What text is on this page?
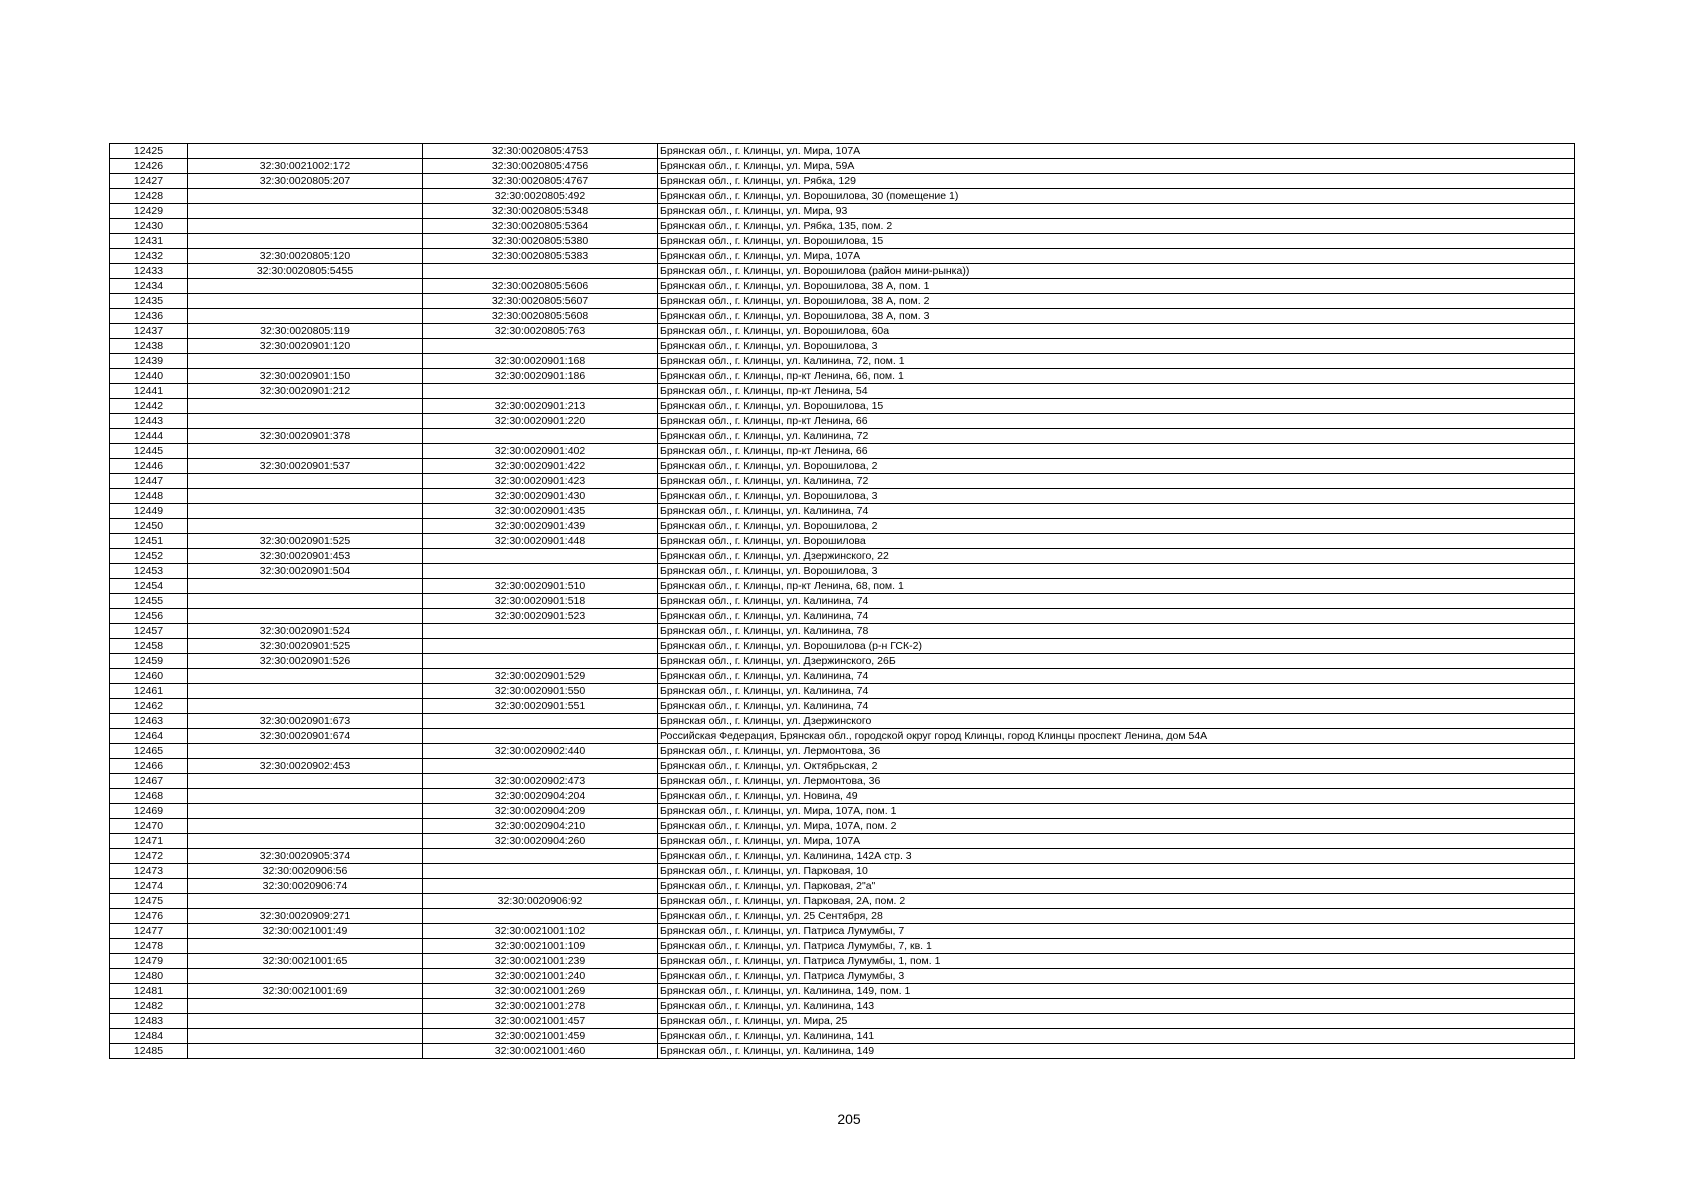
12425		32:30:0020805:4753	Брянская обл., г. Клинцы, ул. Мира, 107А
12426	32:30:0021002:172	32:30:0020805:4756	Брянская обл., г. Клинцы, ул. Мира, 59А
12427	32:30:0020805:207	32:30:0020805:4767	Брянская обл., г. Клинцы, ул. Рябка, 129
12428		32:30:0020805:492	Брянская обл., г. Клинцы, ул. Ворошилова, 30 (помещение 1)
12429		32:30:0020805:5348	Брянская обл., г. Клинцы, ул. Мира, 93
12430		32:30:0020805:5364	Брянская обл., г. Клинцы, ул. Рябка, 135, пом. 2
12431		32:30:0020805:5380	Брянская обл., г. Клинцы, ул. Ворошилова, 15
12432	32:30:0020805:120	32:30:0020805:5383	Брянская обл., г. Клинцы, ул. Мира, 107А
12433	32:30:0020805:5455		Брянская обл., г. Клинцы, ул. Ворошилова (район мини-рынка))
12434		32:30:0020805:5606	Брянская обл., г. Клинцы, ул. Ворошилова, 38 А, пом. 1
12435		32:30:0020805:5607	Брянская обл., г. Клинцы, ул. Ворошилова, 38 А, пом. 2
12436		32:30:0020805:5608	Брянская обл., г. Клинцы, ул. Ворошилова, 38 А, пом. 3
12437	32:30:0020805:119	32:30:0020805:763	Брянская обл., г. Клинцы, ул. Ворошилова, 60а
12438	32:30:0020901:120		Брянская обл., г. Клинцы, ул. Ворошилова, 3
12439		32:30:0020901:168	Брянская обл., г. Клинцы, ул. Калинина, 72, пом. 1
12440	32:30:0020901:150	32:30:0020901:186	Брянская обл., г. Клинцы, пр-кт Ленина, 66, пом. 1
12441	32:30:0020901:212		Брянская обл., г. Клинцы, пр-кт Ленина, 54
12442		32:30:0020901:213	Брянская обл., г. Клинцы, ул. Ворошилова, 15
12443		32:30:0020901:220	Брянская обл., г. Клинцы, пр-кт Ленина, 66
12444	32:30:0020901:378		Брянская обл., г. Клинцы, ул. Калинина, 72
12445		32:30:0020901:402	Брянская обл., г. Клинцы, пр-кт Ленина, 66
12446	32:30:0020901:537	32:30:0020901:422	Брянская обл., г. Клинцы, ул. Ворошилова, 2
12447		32:30:0020901:423	Брянская обл., г. Клинцы, ул. Калинина, 72
12448		32:30:0020901:430	Брянская обл., г. Клинцы, ул. Ворошилова, 3
12449		32:30:0020901:435	Брянская обл., г. Клинцы, ул. Калинина, 74
12450		32:30:0020901:439	Брянская обл., г. Клинцы, ул. Ворошилова, 2
12451	32:30:0020901:525	32:30:0020901:448	Брянская обл., г. Клинцы, ул. Ворошилова
12452	32:30:0020901:453		Брянская обл., г. Клинцы, ул. Дзержинского, 22
12453	32:30:0020901:504		Брянская обл., г. Клинцы, ул. Ворошилова, 3
12454		32:30:0020901:510	Брянская обл., г. Клинцы, пр-кт Ленина, 68, пом. 1
12455		32:30:0020901:518	Брянская обл., г. Клинцы, ул. Калинина, 74
12456		32:30:0020901:523	Брянская обл., г. Клинцы, ул. Калинина, 74
12457	32:30:0020901:524		Брянская обл., г. Клинцы, ул. Калинина, 78
12458	32:30:0020901:525		Брянская обл., г. Клинцы, ул. Ворошилова (р-н ГСК-2)
12459	32:30:0020901:526		Брянская обл., г. Клинцы, ул. Дзержинского, 26Б
12460		32:30:0020901:529	Брянская обл., г. Клинцы, ул. Калинина, 74
12461		32:30:0020901:550	Брянская обл., г. Клинцы, ул. Калинина, 74
12462		32:30:0020901:551	Брянская обл., г. Клинцы, ул. Калинина, 74
12463	32:30:0020901:673		Брянская обл., г. Клинцы, ул. Дзержинского
12464	32:30:0020901:674		Российская Федерация, Брянская обл., городской округ город Клинцы, город Клинцы проспект Ленина, дом 54А
12465		32:30:0020902:440	Брянская обл., г. Клинцы, ул. Лермонтова, 36
12466	32:30:0020902:453		Брянская обл., г. Клинцы, ул. Октябрьская, 2
12467		32:30:0020902:473	Брянская обл., г. Клинцы, ул. Лермонтова, 36
12468		32:30:0020904:204	Брянская обл., г. Клинцы, ул. Новина, 49
12469		32:30:0020904:209	Брянская обл., г. Клинцы, ул. Мира, 107А, пом. 1
12470		32:30:0020904:210	Брянская обл., г. Клинцы, ул. Мира, 107А, пом. 2
12471		32:30:0020904:260	Брянская обл., г. Клинцы, ул. Мира, 107А
12472	32:30:0020905:374		Брянская обл., г. Клинцы, ул. Калинина, 142А стр. 3
12473	32:30:0020906:56		Брянская обл., г. Клинцы, ул. Парковая, 10
12474	32:30:0020906:74		Брянская обл., г. Клинцы, ул. Парковая, 2"а"
12475		32:30:0020906:92	Брянская обл., г. Клинцы, ул. Парковая, 2А, пом. 2
12476	32:30:0020909:271		Брянская обл., г. Клинцы, ул. 25 Сентября, 28
12477	32:30:0021001:49	32:30:0021001:102	Брянская обл., г. Клинцы, ул. Патриса Лумумбы, 7
12478		32:30:0021001:109	Брянская обл., г. Клинцы, ул. Патриса Лумумбы, 7, кв. 1
12479	32:30:0021001:65	32:30:0021001:239	Брянская обл., г. Клинцы, ул. Патриса Лумумбы, 1, пом. 1
12480		32:30:0021001:240	Брянская обл., г. Клинцы, ул. Патриса Лумумбы, 3
12481	32:30:0021001:69	32:30:0021001:269	Брянская обл., г. Клинцы, ул. Калинина, 149, пом. 1
12482		32:30:0021001:278	Брянская обл., г. Клинцы, ул. Калинина, 143
12483		32:30:0021001:457	Брянская обл., г. Клинцы, ул. Мира, 25
12484		32:30:0021001:459	Брянская обл., г. Клинцы, ул. Калинина, 141
12485		32:30:0021001:460	Брянская обл., г. Клинцы, ул. Калинина, 149
205
